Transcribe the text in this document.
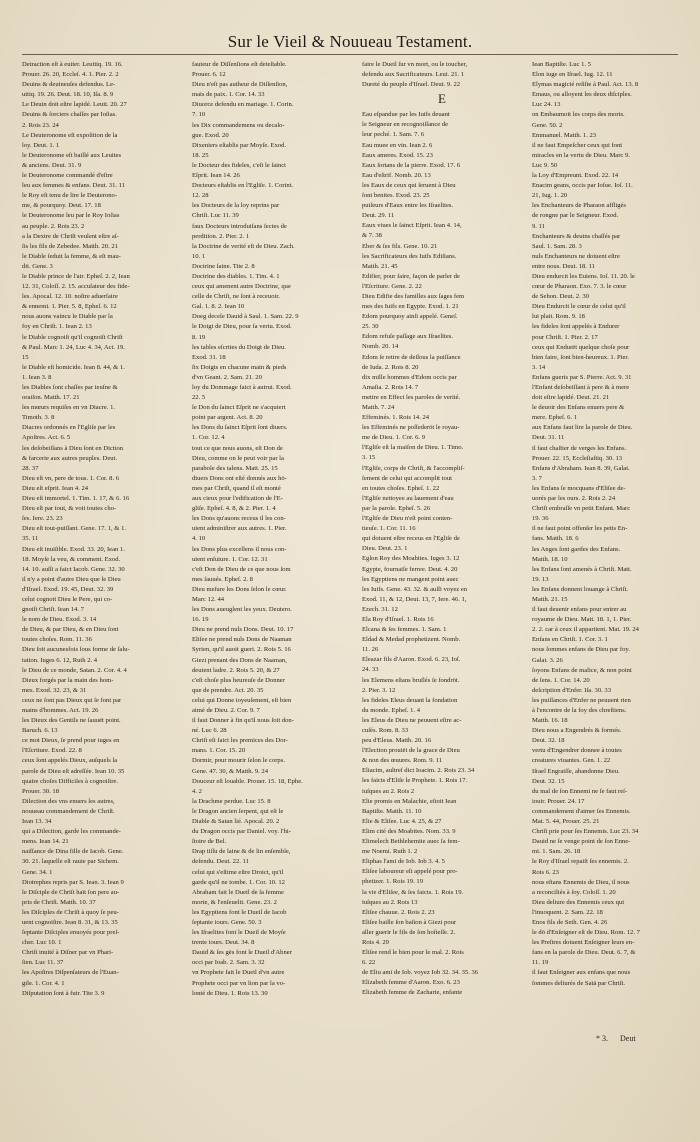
Sur le Vieil & Nouueau Testament.
Detraction eſt à euiter. Leuitiq. 19. 16.
Prouer. 26. 20, Eccleſ. 4. 1. Pier. 2. 2
Deuins & deuineuſes defendus. Le-
uitiq. 19. 26. Deut. 18. 10, Iſa. 8. 9
Le Deuin doit eſtre lapidé. Leuit. 20. 27
Deuins & ſorciers chaſſes par Ioſias.
2. Rois 23. 24
Le Deuteronome eſt expoſition de la
loy. Deut. 1. 1
le Deuteronome eſt baillé aux Leuites
& anciens. Deut. 31. 9
le Deuteronome commandé d'eſtre
leu aux femmes & enfans. Deut. 31. 11
le Roy eſt tenu de lire le Deuterono-
me, & pourquoy. Deut. 17. 18
le Deuteronome leu par le Roy Ioſias
au peuple. 2. Rois 23. 2
a la Dextre de Chriſt veulent eſtre aſ-
ſis les fils de Zebedee. Matth. 20. 21
le Diable ſeduit la femme, & eſt mau-
dit. Gene. 3
le Diable prince de l'air. Epheſ. 2. 2, Iean
12. 31, Coloſſ. 2. 15. accuſateur des fide-
les. Apocal. 12. 10. noſtre aduerſaire
& ennemi. 1. Pier. 5. 8, Epheſ. 6. 12
nous auons vaincu le Diable par la
foy en Chriſt. 1. Iean 2. 13
le Diable cognoiſt qu'il cognoiſt Chriſt
& Paul. Marc 1. 24, Luc 4. 34, Act. 19.
15
le Diable eſt homicide. Iean 8. 44, & 1.
1. Iean 3. 8
les Diables ſont chaſſes par ieuſne &
oraiſon. Matth. 17. 21
les mœurs requiſes en vn Diacre. 1.
Timoth. 3. 8
Diacres ordonnés en l'Egliſe par les
Apoſtres. Act. 6. 5
les deſobeiſſans à Dieu ſont en Diction
& farcerie aux autres peuples. Deut.
28. 37
Dieu eſt vn, pere de tous. 1. Cor. 8. 6
Dieu eſt eſprit. Iean 4. 24
Dieu eſt immortel. 1. Tim. 1. 17, & 6. 16
Dieu eſt par tout, & voit toutes cho-
ſes. Iere. 23. 23
Dieu eſt tout-puiſſant. Gene. 17. 1, & 1.
35. 11
Dieu eſt inuiſible. Exod. 33. 20, Iean 1.
18. Moyſe la veu, & comment. Exod.
14. 10. auſſi a faict Iacob. Gene. 32. 30
il n'y a point d'autre Dieu que le Dieu
d'Iſrael. Exod. 19. 45, Deut. 32. 39
celui cognoit Dieu le Pere, qui co-
gnoiſt Chriſt. Iean 14. 7
le nom de Dieu. Exod. 3. 14
de Dieu, & par Dieu, & en Dieu ſont
toutes choſes. Rom. 11. 36
Dieu ſoit aucunesfois ſous forme de ſalu-
tation. Iuges 6. 12, Ruth 2. 4
le Dieu de ce monde, Satan. 2. Cor. 4. 4
Dieux forgés par la main des hom-
mes. Exod. 32. 23, & 31
ceux ne ſont pas Dieux qui ſe font par
mains d'hommes. Act. 19. 26
les Dieux des Gentils ne ſauuēt point.
Baruch. 6. 13
ce mot Dieux, ſe prend pour iuges en
l'Eſcriture. Exod. 22. 8
ceux ſont appelés Dieux, auſquels la
parole de Dieu eſt adreſſée. Iean 10. 35
quatre choſes Difficiles à cognoiſtre.
Prouer. 30. 18
Dilection des vns enuers les autres,
nouueau commandement de Chriſt.
Iean 13. 34
qui a Dilection, garde les commande-
mens. Iean 14. 21
naiſſance de Dina fille de Iacob. Gene.
30. 21. laquelle eſt rauie par Sichem.
Gene. 34. 1
Diotrephes repris par S. Iean. 3. Iean 9
le Diſciple de Chriſt haït ſon pere au-
pris de Chriſt. Matth. 10. 37
les Diſciples de Chriſt à quoy ſe peu-
uent cognoiſtre. Iean 8. 31, & 13. 35
ſeptante Diſciples enuoyés pour preſ-
cher. Luc 10. 1
Chriſt inuité à Diſner par vn Phari-
ſien. Luc 11. 37
les Apoſtres Diſpenſateurs de l'Euan-
gile. 1. Cor. 4. 1
Diſputation ſont à fuir. Tite 3. 9
fauteur de Diſſenſions eſt deteſtable.
Prouer. 6. 12
Dieu n'eſt pas autheur de Diſſenſion,
mais de paix. 1. Cor. 14. 33
Diuorce defendu en mariage. 1. Corin.
7. 10
les Dix commandemens ou decalo-
gue. Exod. 20
Dixeniers eſtablis par Moyſe. Exod.
18. 25
le Docteur des fideles, c'eſt le ſainct
Eſprit. Iean 14. 26
Docteurs eſtablis en l'Egliſe. 1. Corint.
12. 28
les Docteurs de la loy reprins par
Chriſt. Luc 11. 39
faux Docteurs introduiſans ſectes de
perdition. 2. Pier. 2. 1
la Doctrine de verité eſt de Dieu. Zach.
10. 1
Doctrine ſaine. Tite 2. 8
Doctrine des diables. 1. Tim. 4. 1
ceux qui amenent autre Doctrine, que
celle de Chriſt, ne ſont à receuoir.
Gal. 1. 8. 2. Iean 10
Doeg decele Dauid à Saul. 1. Sam. 22. 9
le Doigt de Dieu, pour ſa vertu. Exod.
8. 19
les tables eſcrites du Doigt de Dieu.
Exod. 31. 18
ſix Doigts en chacune main & pieds
d'vn Geant. 2. Sam. 21. 20
loy du Dommage faict à autrui. Exod.
22. 5
le Don du ſainct Eſprit ne s'acquiert
point par argent. Act. 8. 20
les Dons du ſainct Eſprit ſont diuers.
1. Cor. 12. 4
tout ce que nous auons, eſt Don de
Dieu, comme on le peut voir par la
parabole des talens. Matt. 25. 15
diuers Dons ont eſté donnés aux hō-
mes par Chriſt, quand il eſt monté
aux cieux pour l'edification de l'E-
gliſe. Epheſ. 4. 8, & 2. Pier. 1. 4
les Dons qu'auons receus il les con-
uient adminiſtrer aux autres. 1. Pier.
4. 10
les Dons plus excellens il nous con-
uient enſuiure. 1. Cor. 12. 31
c'eſt Don de Dieu de ce que nous ſom
mes ſauués. Epheſ. 2. 8
Dieu meſure les Dons ſelon le cœur.
Marc 12. 44
les Dons aueuglent les yeux. Deutero.
16. 19
Dieu ne prend nuls Dons. Deut. 10. 17
Eliſee ne prend nuls Dons de Naaman
Syrien, qu'il auoit gueri. 2. Rois 5. 16
Giezi prenant des Dons de Naaman,
deuient ladre. 2. Rois 5. 20, & 27
c'eſt choſe plus heureuſe de Donner
que de prendre. Act. 20. 35
celui qui Donne ioyeuſement, eſt bien
aimé de Dieu. 2. Cor. 9. 7
il faut Donner à fin qu'il nous ſoit don-
né. Luc 6. 28
Chriſt eſt faict les premices des Dor-
mans. 1. Cor. 15. 20
Dormir, pour mourir ſelon le corps.
Gene. 47. 30, & Matth. 9. 24
Douceur eſt louable. Prouer. 15. 18, Ephe.
4. 2
la Drachme perdue. Luc 15. 8
le Dragon ancien ſerpent, qui eſt le
Diable & Satan lié. Apocal. 20. 2
du Dragon occis par Daniel. voy. l'hi-
ſtoire de Bel.
Drap tiſſu de laine & de lin enſemble,
defendu. Deut. 22. 11
celui qui s'eſtime eſtre Droict, qu'il
garde qu'il ne tombe. 1. Cor. 10. 12
Abraham fait le Dueil de ſa femme
morte, & l'enſeuelit. Gene. 23. 2
les Egyptiens font le Dueil de Iacob
ſeptante iours. Gene. 50. 3
les Iſraelites font le Dueil de Moyſe
trente iours. Deut. 34. 8
Dauid & ſes gēs font le Dueil d'Abner
occi par Ioab. 2. Sam. 3. 32
vn Prophete fait le Dueil d'vn autre
Prophete occi par vn lion par la vo-
lonté de Dieu. 1. Rois 13. 30
faire le Dueil ſur vn mort, ou le toucher,
defendu aux Sacrificateurs. Leui. 21. 1
Dureté du peuple d'Iſrael. Deut. 9. 22
E
Eau eſpandue par les Iuifs deuant
le Seigneur en recognoiſſance de
leur peché. 1. Sam. 7. 6
Eau muee en vin. Iean 2. 6
Eaux ameres. Exod. 15. 23
Eaux ſortans de la pierre. Exod. 17. 6
Eau d'eſtrif. Nomb. 20. 13
les Eaux de ceux qui ſeruent à Dieu
ſont benites. Exod. 23. 25
puiſeurs d'Eaux entre les Iſraelites.
Deut. 29. 11
Eaux viues le ſainct Eſprit. Iean 4. 14,
& 7. 38
Eber & ſes fils. Gene. 10. 21
les Sacrificateurs des Iuifs Ediſians.
Matth. 21. 45
Edifier, pour faire, façon de parler de
l'Eſcriture. Gene. 2. 22
Dieu Edifie des familles aux ſages fem
mes des Iuifs en Egypte. Exod. 1. 21
Edom pourquoy ainſi appelé. Geneſ.
25. 30
Edom refuſe paſſage aux Iſraelites.
Nomb. 20. 14
Edom ſe retire de deſſous la puiſſance
de Iuda. 2. Rois 8. 20
dix mille hommes d'Edom occis par
Amaſia. 2. Rois 14. 7
mettre en Effect les paroles de verité.
Matth. 7. 24
Effeminés. 1. Rois 14. 24
les Effeminés ne poſſederōt le royau-
me de Dieu. 1. Cor. 6. 9
l'Egliſe eſt la maiſon de Dieu. 1. Timo.
3. 15
l'Egliſe, corps de Chriſt, & l'accompliſ-
ſement de celui qui accomplit tout
en toutes choſes. Epheſ. 1. 22
l'Egliſe nettoyee au lauement d'eau
par la parole. Epheſ. 5. 26
l'Egliſe de Dieu n'eſt point conten-
tieuſe. 1. Cor. 11. 16
qui doiuent eſtre receus en l'Egliſe de
Dieu. Deut. 23. 1
Eglon Roy des Moabites. Iuges 3. 12
Egypte, fournaiſe ferree. Deut. 4. 20
les Egyptiens ne mangent point auec
les Iuifs. Gene. 43. 32. & auſſi voyez en
Exod. 11, & 12, Deut. 13, 7, Iere. 46. 1,
Ezech. 31. 12
Ela Roy d'Iſrael. 1. Rois 16
Elcana & ſes femmes. 1. Sam. 1
Eldad & Medad prophetizent. Nomb.
11. 26
Eleazar fils d'Aaron. Exod. 6. 23, Ioſ.
24. 33
les Elemens eſtans bruſlés ſe fondrōt.
2. Pier. 3. 12
les fideles Eleus deuant la fondation
du monde. Epheſ. 1. 4
les Eleus de Dieu ne peuuent eſtre ac-
cuſés. Rom. 8. 33
peu d'Eleus. Matth. 20. 16
l'Election prouiēt de la grace de Dieu
& non des œuures. Rom. 9. 11
Eliacim, aultreſ dict Ioacim. 2. Rois 23. 34
les faicts d'Eliſe le Prophete. 1. Rois 17.
iuſques au 2. Rois 2
Elie promis en Malachie, eſtoit Iean
Baptiſte. Matth. 11. 10
Elie & Eliſee. Luc 4. 25, & 27
Elim cité des Moabites. Nom. 33. 9
Elimelech Bethlehemite auec ſa fem-
me Noemi. Ruth 1. 2
Eliphas l'ami de Iob. Iob 3. 4. 5
Eliſee laboureur eſt appelé pour pro-
phetizer. 1. Rois 19. 19
la vie d'Eliſee, & ſes faicts. 1. Rois 19.
iuſques au 2. Rois 13
Eliſee chauue. 2. Rois 2. 23
Eliſee baille ſon baſton à Giezi pour
aller guerir le fils de ſon hoſteſſe. 2.
Rois 4. 29
Eliſee rend le bien pour le mal. 2. Rois
6. 22
de Eliu amī de Iob. voyez Iob 32. 34. 35. 36
Elizabeth femme d'Aaron. Exo. 6. 23
Elizabeth femme de Zacharie, enfante
* 3. Deut
Iean Baptiſte. Luc 1. 5
Elon iuge en Iſrael. Iug. 12. 11
Elymas magicié reſiſte à Paul. Act. 13. 8
Emaus, ou alloyent les deux diſciples.
Luc 24. 13
on Embaumoit les corps des morts.
Gene. 50. 2
Emmanuel. Matth. 1. 23
il ne faut Empeſcher ceux qui font
miracles en la vertu de Dieu. Marc 9.
Luc 9. 50
la Loy d'Empreunt. Exod. 22. 14
Enacim geans, occis par Ioſue. Ioſ. 11.
21, Iug. 1. 20
les Enchanteurs de Pharaon affligés
de rongne par le Seigneur. Exod.
9. 11
Enchanteurs & deuins chaſſés par
Saul. 1. Sam. 28. 3
nuls Enchanteurs ne doiuent eſtre
entre nous. Deut. 18. 11
Dieu endurcit les Euiens. Ioſ. 11. 20. le
cœur de Pharaon. Exo. 7. 3. le cœur
de Sehon. Deut. 2. 30
Dieu Endurcit le cœur de celui qu'il
lui plait. Rom. 9. 18
les fideles ſont appelés à Endurer
pour Chriſt. 1. Pier. 2. 17
ceux qui Endurēt quelque choſe pour
bien faire, ſont bien-heureux. 1. Pier.
3. 14
Enfans gueris par S. Pierre. Act. 9. 31
l'Enfant deſobeiſſant à pere & à mere
doit eſtre lapidé. Deut. 21. 21
le deuoir des Enfans enuers pere &
mere. Epheſ. 6. 1
aux Enfans faut lire la parole de Dieu.
Deut. 31. 11
il faut chaſtier de verges les Enfans.
Prouer. 22. 15, Eccleſiaſtiq. 30. 13
Enfans d'Abraham. Iean 8. 39, Galat.
3. 7
les Enfans ſe mocquans d'Eliſee de-
uorés par les ours. 2. Rois 2. 24
Chriſt embraſſe vn petit Enfant. Marc
19. 36
il ne faut point offenſer les petis En-
fans. Matth. 18. 6
les Anges ſont gardes des Enfans.
Matth. 18. 10
les Enfans ſont amenés à Chriſt. Matt.
19. 13
les Enfans donnent louange à Chriſt.
Matth. 21. 15
il faut deuenir enfans pour entrer au
royaume de Dieu. Matt. 18. 1, 1. Pier.
2. 2. car à ceux il appartient. Mat. 19. 24
Enfans en Chriſt. 1. Cor. 3. 1
nous ſommes enfans de Dieu par foy.
Galat. 3. 26
ſoyons Enfans de malice, & non point
de ſens. 1. Cor. 14. 20
deſcription d'Enfer. Iſa. 30. 33
les puiſſances d'Enfer ne peuuent rien
à l'encontre de la foy des chreſtiens.
Matth. 16. 18
Dieu nous a Engendrés & formés.
Deut. 32. 18
vertu d'Engendrer donnee à toutes
creatures viuantes. Gen. 1. 22
Iſrael Engraiſſe, abandonne Dieu.
Deut. 32. 15
du mal de ſon Ennemi ne ſe faut reſ-
iouir. Prouer. 24. 17
commandement d'aimer ſes Ennemis.
Mat. 5. 44, Prouer. 25. 21
Chriſt prie pour ſes Ennemis. Luc 23. 34
Dauid ne ſe venge point de ſon Enne-
mi. 1. Sam. 26. 18
le Roy d'Iſrael repaiſt ſes ennemis. 2.
Rois 6. 23
nous eſtans Ennemis de Dieu, il nous
a reconciliés à ſoy. Coloſſ. 1. 20
Dieu deliure des Ennemis ceux qui
l'inuoquent. 2. Sam. 22. 18
Enos fils de Seth. Gen. 4. 26
le dō d'Enſeigner eſt de Dieu. Rom. 12. 7
les Preſtres doiuent Enſeigner leurs en-
fans en la parole de Dieu. Deut. 6. 7, &
11. 19
il faut Enſeigner aux enfans que nous
ſommes deliurés de Satā par Chriſt.
